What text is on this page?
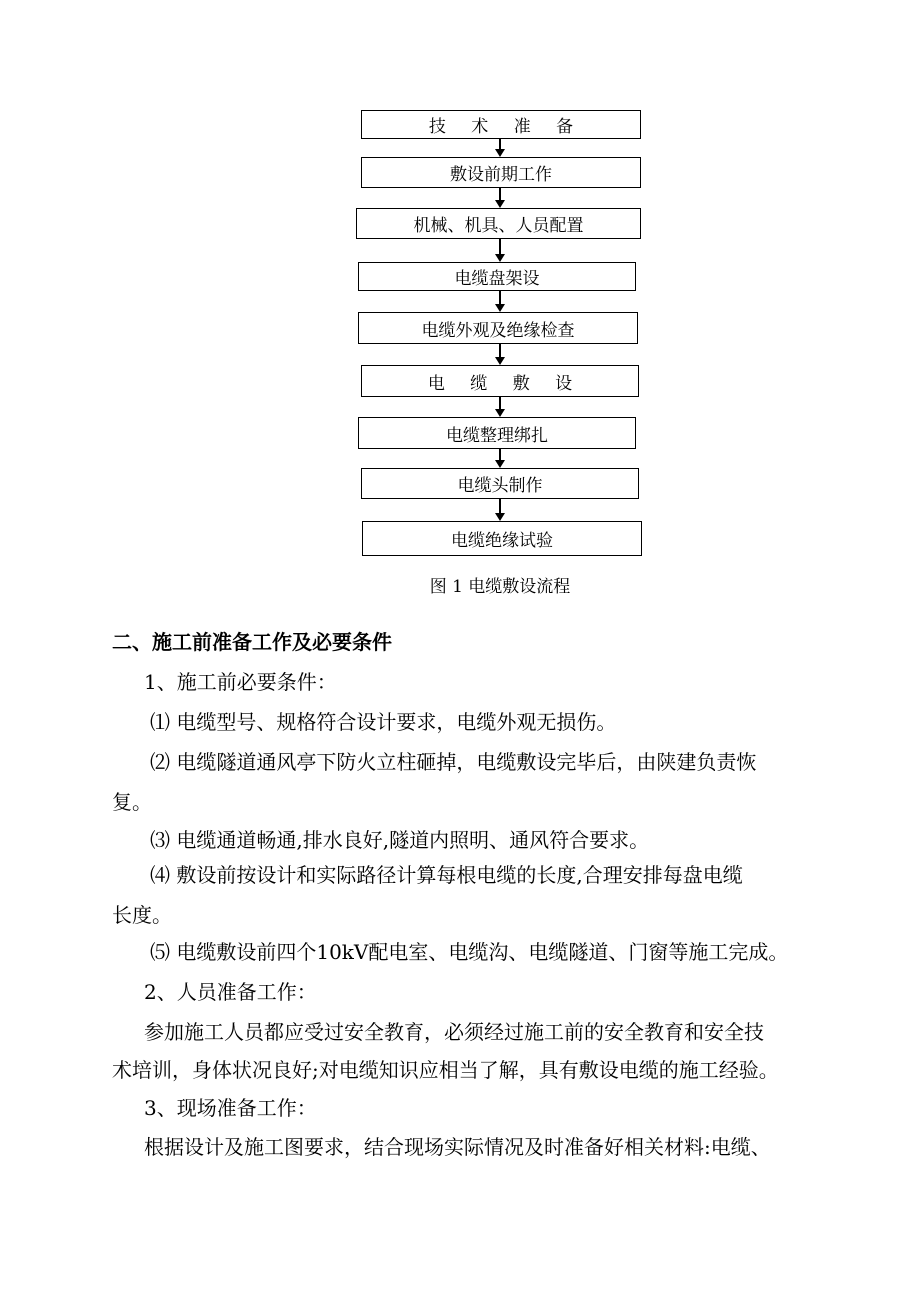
技 术 准 备
敷设前期工作
机械、机具、人员配置
电缆盘架设
电缆外观及绝缘检查
电 缆 敷 设
电缆整理绑扎
电缆头制作
电缆绝缘试验
图 1 电缆敷设流程
二、施工前准备工作及必要条件
1、施工前必要条件：
⑴ 电缆型号、规格符合设计要求，电缆外观无损伤。
⑵ 电缆隧道通风亭下防火立柱砸掉，电缆敷设完毕后，由陕建负责恢
复。
⑶ 电缆通道畅通,排水良好,隧道内照明、通风符合要求。
⑷ 敷设前按设计和实际路径计算每根电缆的长度,合理安排每盘电缆
长度。
⑸ 电缆敷设前四个10kV配电室、电缆沟、电缆隧道、门窗等施工完成。
2、人员准备工作：
参加施工人员都应受过安全教育，必须经过施工前的安全教育和安全技
术培训，身体状况良好;对电缆知识应相当了解，具有敷设电缆的施工经验。
3、现场准备工作：
根据设计及施工图要求，结合现场实际情况及时准备好相关材料:电缆、
